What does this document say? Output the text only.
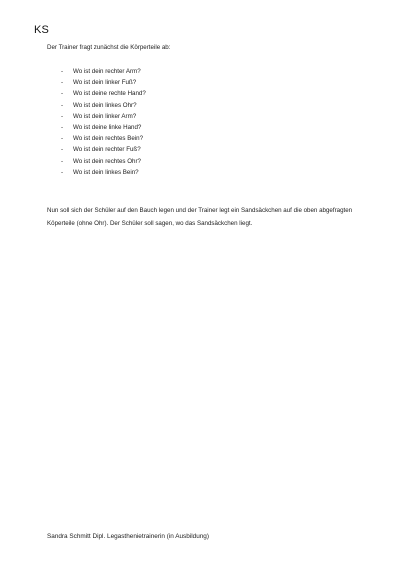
KS
Der Trainer fragt zunächst die Körperteile ab:
- Wo ist dein rechter Arm?
- Wo ist dein linker Fuß?
- Wo ist deine rechte Hand?
- Wo ist dein linkes Ohr?
- Wo ist dein linker Arm?
- Wo ist deine linke Hand?
- Wo ist dein rechtes Bein?
- Wo ist dein rechter Fuß?
- Wo ist dein rechtes Ohr?
- Wo ist dein linkes Bein?

Nun soll sich der Schüler auf den Bauch legen und der Trainer legt ein Sandsäckchen auf die oben abgefragten Köperteile (ohne Ohr). Der Schüler soll sagen, wo das Sandsäckchen liegt.

Sandra Schmitt Dipl. Legasthenietrainerin (in Ausbildung)
